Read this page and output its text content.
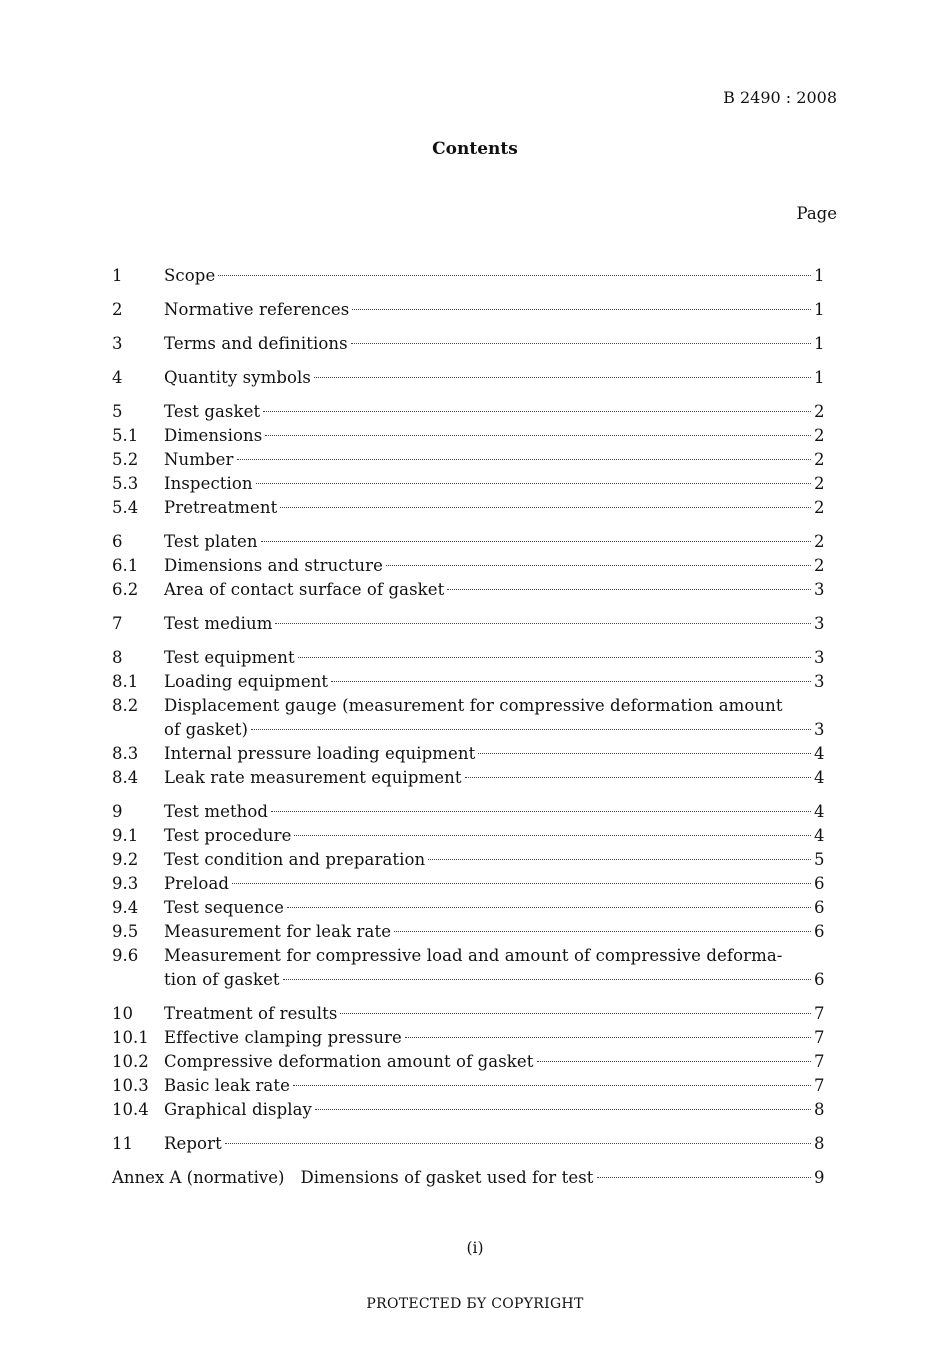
B 2490 : 2008
Contents
Page
1	Scope	1
2	Normative references	1
3	Terms and definitions	1
4	Quantity symbols	1
5	Test gasket	2
5.1	Dimensions	2
5.2	Number	2
5.3	Inspection	2
5.4	Pretreatment	2
6	Test platen	2
6.1	Dimensions and structure	2
6.2	Area of contact surface of gasket	3
7	Test medium	3
8	Test equipment	3
8.1	Loading equipment	3
8.2	Displacement gauge (measurement for compressive deformation amount
of gasket)	3
8.3	Internal pressure loading equipment	4
8.4	Leak rate measurement equipment	4
9	Test method	4
9.1	Test procedure	4
9.2	Test condition and preparation	5
9.3	Preload	6
9.4	Test sequence	6
9.5	Measurement for leak rate	6
9.6	Measurement for compressive load and amount of compressive deforma-
tion of gasket	6
10	Treatment of results	7
10.1 Effective clamping pressure	7
10.2 Compressive deformation amount of gasket	7
10.3 Basic leak rate	7
10.4 Graphical display	8
11	Report	8
Annex A (normative) Dimensions of gasket used for test	9
(i)
PROTECTED БY COPYRIGHT
